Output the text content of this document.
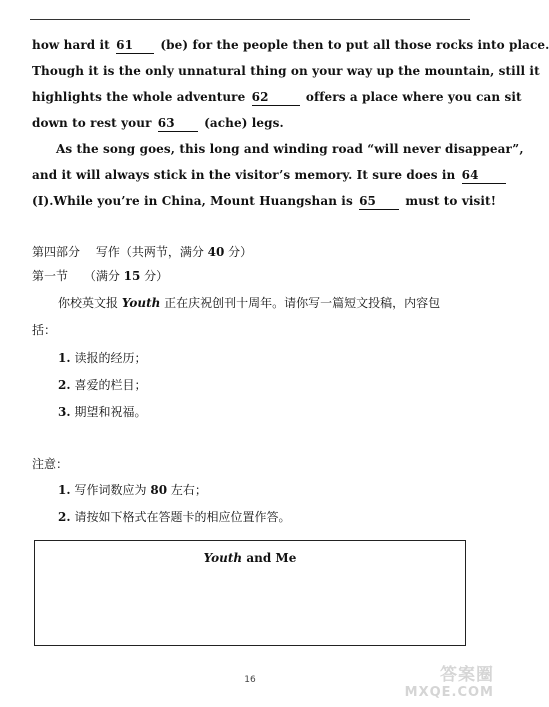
how hard it 61 (be) for the people then to put all those rocks into place.
Though it is the only unnatural thing on your way up the mountain, still it
highlights the whole adventure 62	offers a place where you can sit
down to rest your 63 (ache) legs.
As the song goes, this long and winding road “will never disappear”,
and it will always stick in the visitor’s memory. It sure does in 64
(I).While you’re in China, Mount Huangshan is 65 must to visit!
第四部分　 写作（共两节，满分 40 分）
第一节　 （满分 15 分）
你校英文报 Youth 正在庆祝创刊十周年。请你写一篇短文投稿，内容包
括：
1. 读报的经历；
2. 喜爱的栏目；
3. 期望和祝福。
注意：
1. 写作词数应为 80 左右；
2. 请按如下格式在答题卡的相应位置作答。
Youth and Me
16	答案圈
MXQE.COM
